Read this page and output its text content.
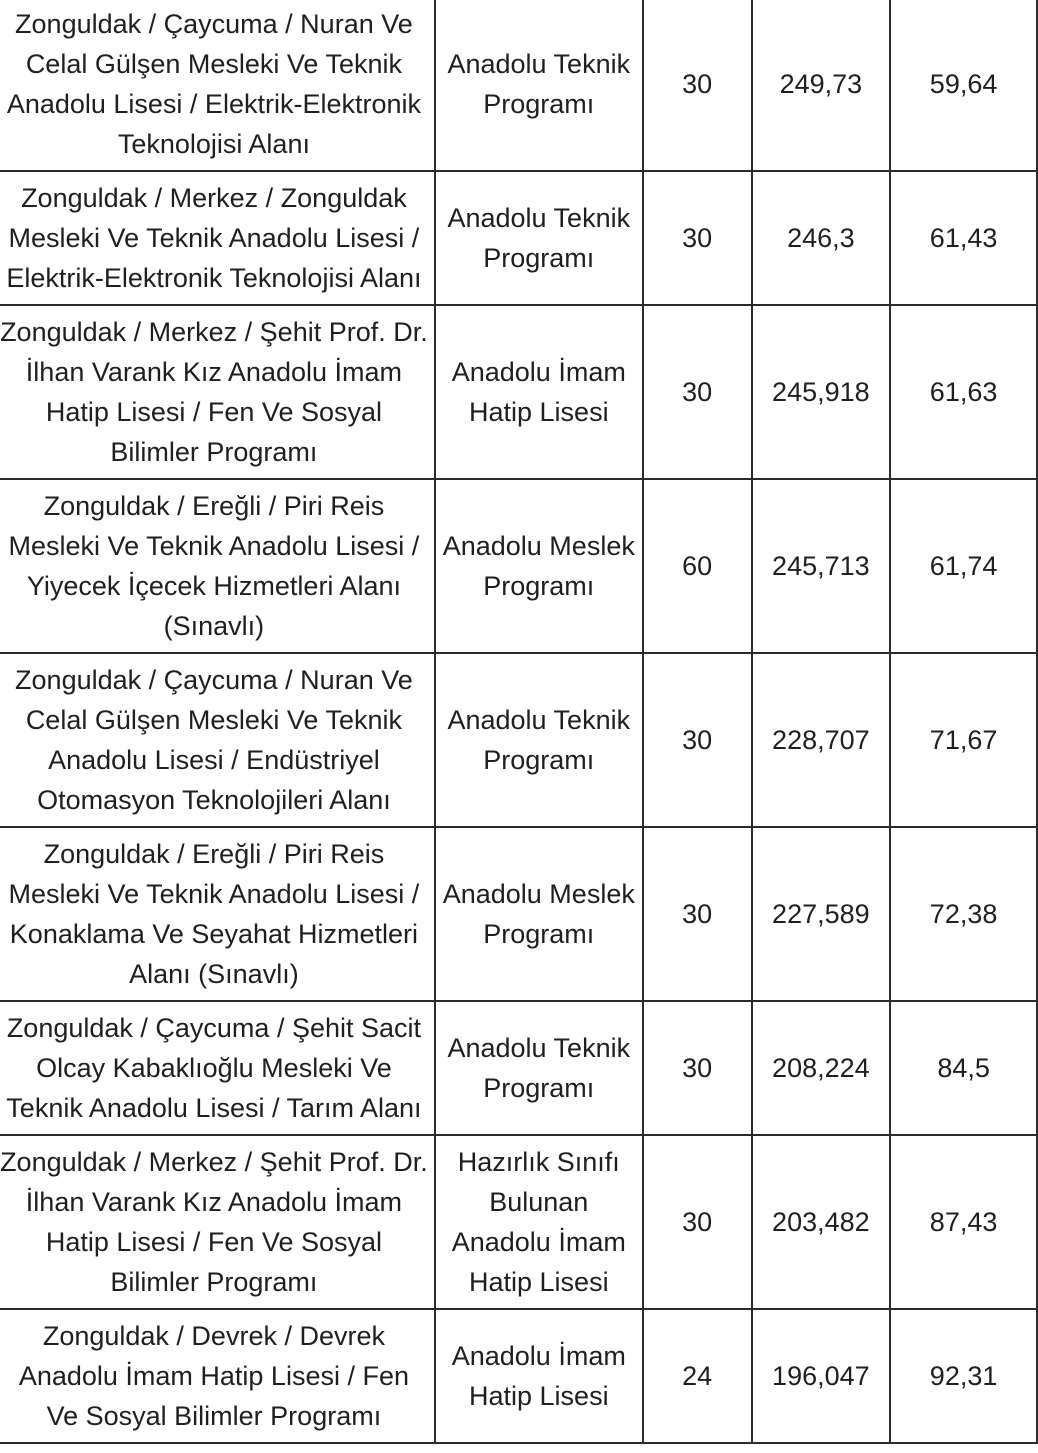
Zonguldak / Çaycuma / Nuran Ve Celal Gülşen Mesleki Ve Teknik Anadolu Lisesi / Elektrik-Elektronik Teknolojisi Alanı	Anadolu Teknik Programı	30	249,73	59,64
Zonguldak / Merkez / Zonguldak Mesleki Ve Teknik Anadolu Lisesi / Elektrik-Elektronik Teknolojisi Alanı	Anadolu Teknik Programı	30	246,3	61,43
Zonguldak / Merkez / Şehit Prof. Dr. İlhan Varank Kız Anadolu İmam Hatip Lisesi / Fen Ve Sosyal Bilimler Programı	Anadolu İmam Hatip Lisesi	30	245,918	61,63
Zonguldak / Ereğli / Piri Reis Mesleki Ve Teknik Anadolu Lisesi / Yiyecek İçecek Hizmetleri Alanı (Sınavlı)	Anadolu Meslek Programı	60	245,713	61,74
Zonguldak / Çaycuma / Nuran Ve Celal Gülşen Mesleki Ve Teknik Anadolu Lisesi / Endüstriyel Otomasyon Teknolojileri Alanı	Anadolu Teknik Programı	30	228,707	71,67
Zonguldak / Ereğli / Piri Reis Mesleki Ve Teknik Anadolu Lisesi / Konaklama Ve Seyahat Hizmetleri Alanı (Sınavlı)	Anadolu Meslek Programı	30	227,589	72,38
Zonguldak / Çaycuma / Şehit Sacit Olcay Kabaklıoğlu Mesleki Ve Teknik Anadolu Lisesi / Tarım Alanı	Anadolu Teknik Programı	30	208,224	84,5
Zonguldak / Merkez / Şehit Prof. Dr. İlhan Varank Kız Anadolu İmam Hatip Lisesi / Fen Ve Sosyal Bilimler Programı	Hazırlık Sınıfı Bulunan Anadolu İmam Hatip Lisesi	30	203,482	87,43
Zonguldak / Devrek / Devrek Anadolu İmam Hatip Lisesi / Fen Ve Sosyal Bilimler Programı	Anadolu İmam Hatip Lisesi	24	196,047	92,31
